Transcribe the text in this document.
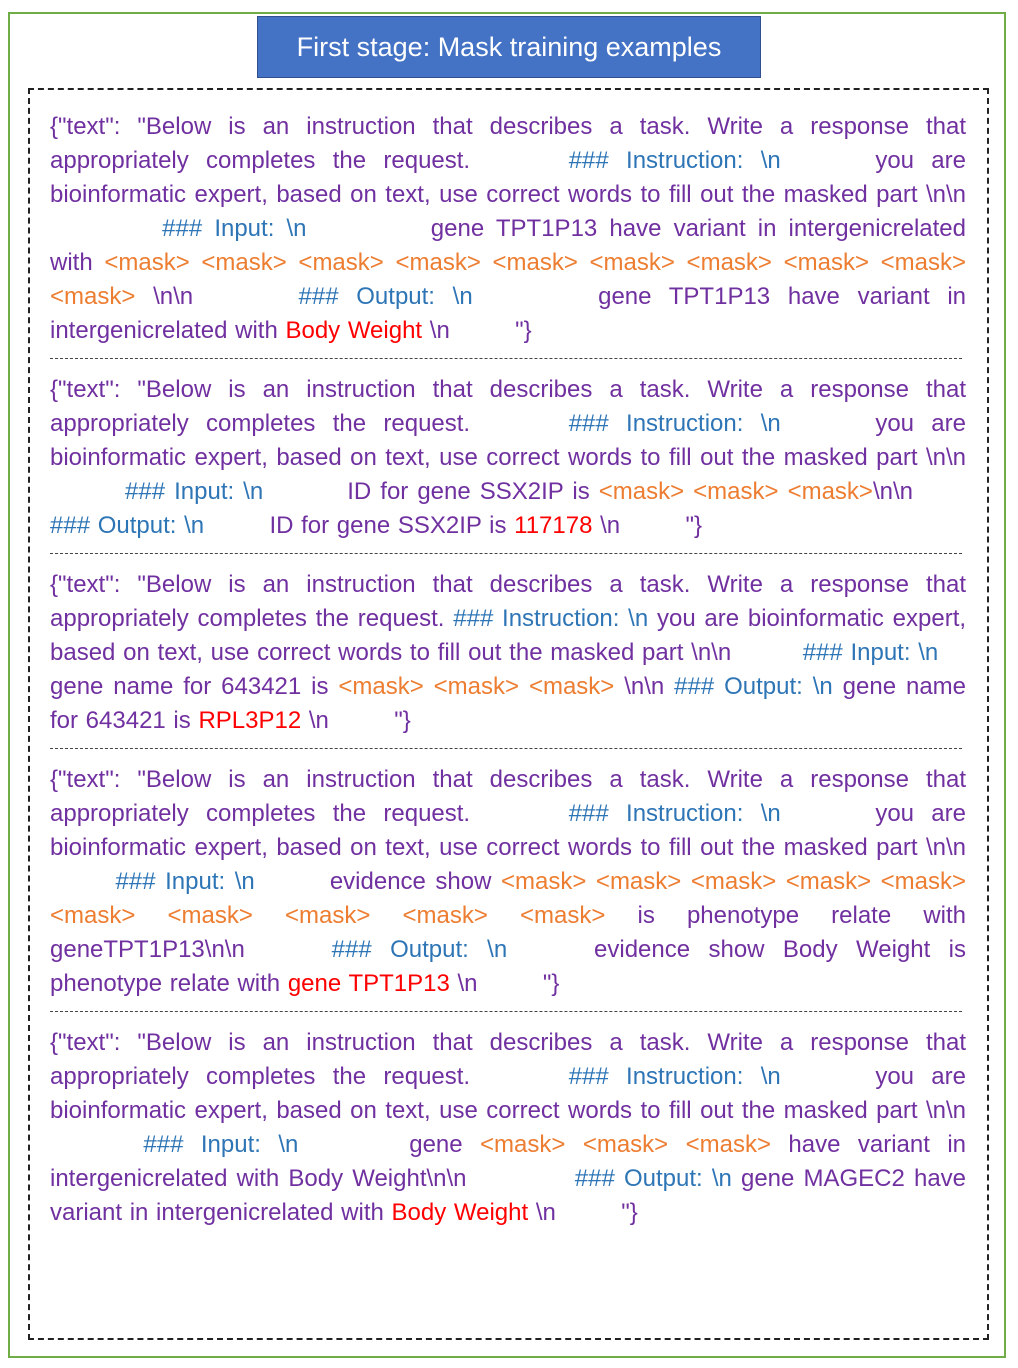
First stage: Mask training examples
{"text": "Below is an instruction that describes a task. Write a response that appropriately completes the request.	### Instruction: \n	you are bioinformatic expert, based on text, use correct words to fill out the masked part \n\n  ### Input: \n	gene TPT1P13 have variant in intergenicrelated with <mask> <mask> <mask> <mask> <mask> <mask> <mask> <mask> <mask> <mask> \n\n	### Output: \n	gene TPT1P13 have variant in intergenicrelated with Body Weight \n	"}
{"text": "Below is an instruction that describes a task. Write a response that appropriately completes the request.	### Instruction: \n	you are bioinformatic expert, based on text, use correct words to fill out the masked part \n\n  ### Input: \n	ID for gene SSX2IP is <mask> <mask> <mask>\n\n  ### Output: \n	ID for gene SSX2IP is 117178 \n	"}
{"text": "Below is an instruction that describes a task. Write a response that appropriately completes the request. ### Instruction: \n you are bioinformatic expert, based on text, use correct words to fill out the masked part \n\n	### Input: \n  gene name for 643421 is <mask> <mask> <mask> \n\n ### Output: \n gene name for 643421 is RPL3P12 \n	"}
{"text": "Below is an instruction that describes a task. Write a response that appropriately completes the request.	### Instruction: \n	you are bioinformatic expert, based on text, use correct words to fill out the masked part \n\n  ### Input: \n	evidence show <mask> <mask> <mask> <mask> <mask> <mask> <mask> <mask> <mask> <mask> is phenotype relate with geneTPT1P13\n\n	### Output: \n	evidence show Body Weight is phenotype relate with gene TPT1P13 \n	"}
{"text": "Below is an instruction that describes a task. Write a response that appropriately completes the request.	### Instruction: \n	you are bioinformatic expert, based on text, use correct words to fill out the masked part \n\n  ### Input: \n	gene <mask> <mask> <mask> have variant in intergenicrelated with Body Weight\n\n	### Output: \n gene MAGEC2 have variant in intergenicrelated with Body Weight \n	"}
